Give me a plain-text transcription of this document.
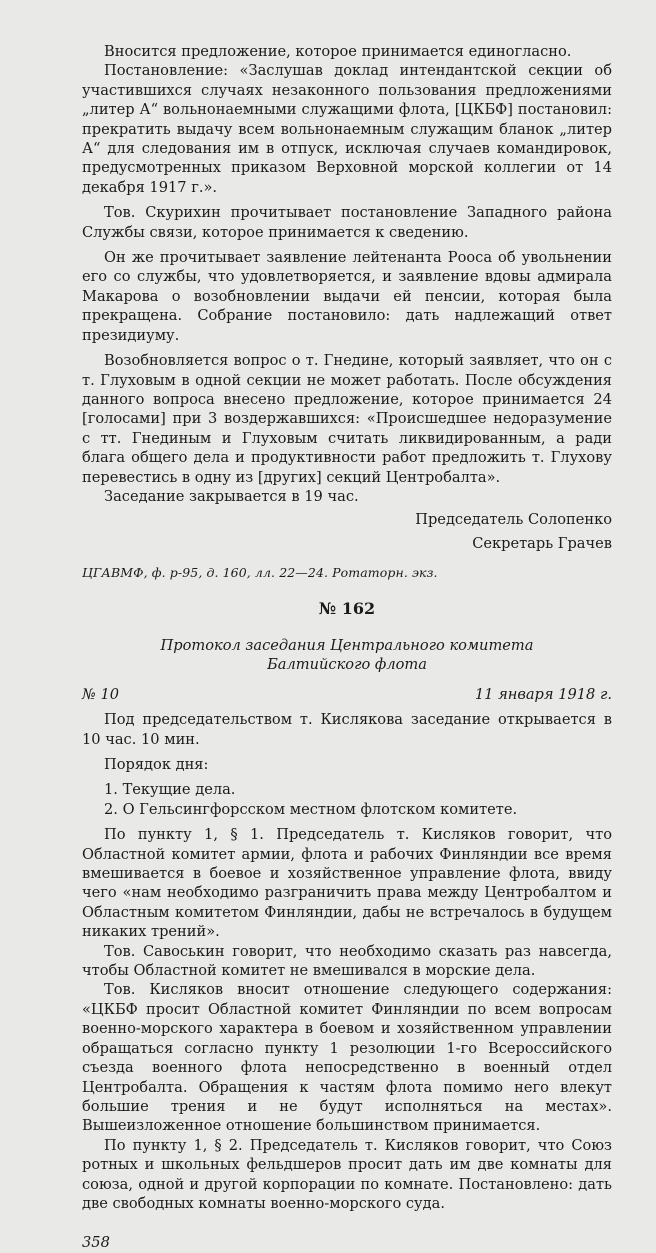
Вносится предложение, которое принимается единогласно.

Постановление: «Заслушав доклад интендантской секции об участившихся случаях незаконного пользования предложениями „литер А“ вольнонаемными служащими флота, [ЦКБФ] постановил: прекратить выдачу всем вольнонаемным служащим бланок „литер А“ для следования им в отпуск, исключая случаев командировок, предусмотренных приказом Верховной морской коллегии от 14 декабря 1917 г.».

Тов. Скурихин прочитывает постановление Западного района Службы связи, которое принимается к сведению.

Он же прочитывает заявление лейтенанта Рооса об увольнении его со службы, что удовлетворяется, и заявление вдовы адмирала Макарова о возобновлении выдачи ей пенсии, которая была прекращена. Собрание постановило: дать надлежащий ответ президиуму.

Возобновляется вопрос о т. Гнедине, который заявляет, что он с т. Глуховым в одной секции не может работать. После обсуждения данного вопроса внесено предложение, которое принимается 24 [голосами] при 3 воздержавшихся: «Происшедшее недоразумение с тт. Гнединым и Глуховым считать ликвидированным, а ради блага общего дела и продуктивности работ предложить т. Глухову перевестись в одну из [других] секций Центробалта».

Заседание закрывается в 19 час.

Председатель Солопенко
Секретарь Грачев

ЦГАВМФ, ф. р-95, д. 160, лл. 22—24. Ротаторн. экз.

№ 162
Протокол заседания Центрального комитета
Балтийского флота
№ 10	11 января 1918 г.

Под председательством т. Кислякова заседание открывается в 10 час. 10 мин.

Порядок дня:

1. Текущие дела.
2. О Гельсингфорсском местном флотском комитете.

По пункту 1, § 1. Председатель т. Кисляков говорит, что Областной комитет армии, флота и рабочих Финляндии все время вмешивается в боевое и хозяйственное управление флота, ввиду чего «нам необходимо разграничить права между Центробалтом и Областным комитетом Финляндии, дабы не встречалось в будущем никаких трений».

Тов. Савоськин говорит, что необходимо сказать раз навсегда, чтобы Областной комитет не вмешивался в морские дела.

Тов. Кисляков вносит отношение следующего содержания: «ЦКБФ просит Областной комитет Финляндии по всем вопросам военно-морского характера в боевом и хозяйственном управлении обращаться согласно пункту 1 резолюции 1-го Всероссийского съезда военного флота непосредственно в военный отдел Центробалта. Обращения к частям флота помимо него влекут большие трения и не будут исполняться на местах». Вышеизложенное отношение большинством принимается.

По пункту 1, § 2. Председатель т. Кисляков говорит, что Союз ротных и школьных фельдшеров просит дать им две комнаты для союза, одной и другой корпорации по комнате. Постановлено: дать две свободных комнаты военно-морского суда.

358
